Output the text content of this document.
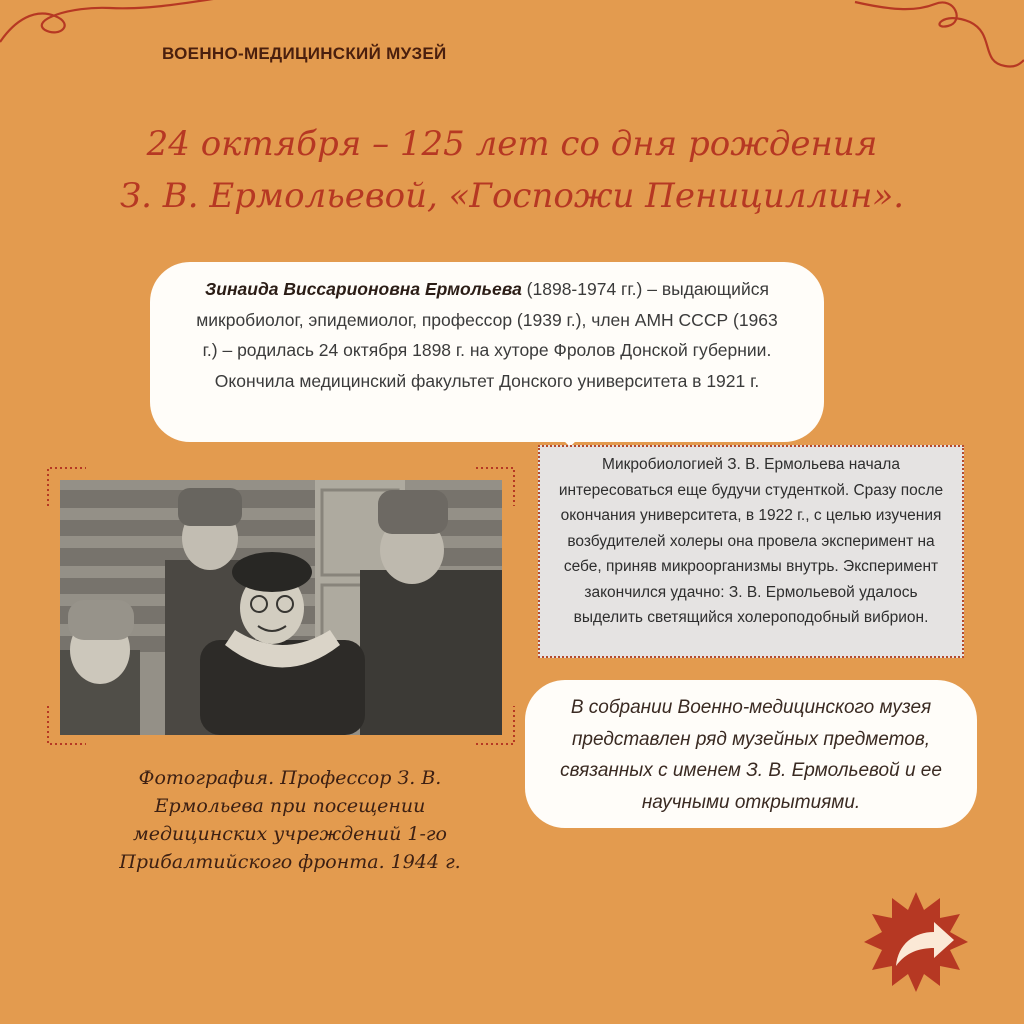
ВОЕННО-МЕДИЦИНСКИЙ МУЗЕЙ
24 октября – 125 лет со дня рождения
З. В. Ермольевой, «Госпожи Пенициллин».
Зинаида Виссарионовна Ермольева (1898-1974 гг.) – выдающийся микробиолог, эпидемиолог, профессор (1939 г.), член АМН СССР (1963 г.) – родилась 24 октября 1898 г. на хуторе Фролов Донской губернии. Окончила медицинский факультет Донского университета в 1921 г.
Микробиологией З. В. Ермольева начала интересоваться еще будучи студенткой. Сразу после окончания университета, в 1922 г., с целью изучения возбудителей холеры она провела эксперимент на себе, приняв микроорганизмы внутрь. Эксперимент закончился удачно: З. В. Ермольевой удалось выделить светящийся холероподобный вибрион.
Фотография. Профессор З. В.
Ермольева при посещении
медицинских учреждений 1-го
Прибалтийского фронта. 1944 г.
В собрании Военно-медицинского музея представлен ряд музейных предметов, связанных с именем З. В. Ермольевой и ее научными открытиями.
